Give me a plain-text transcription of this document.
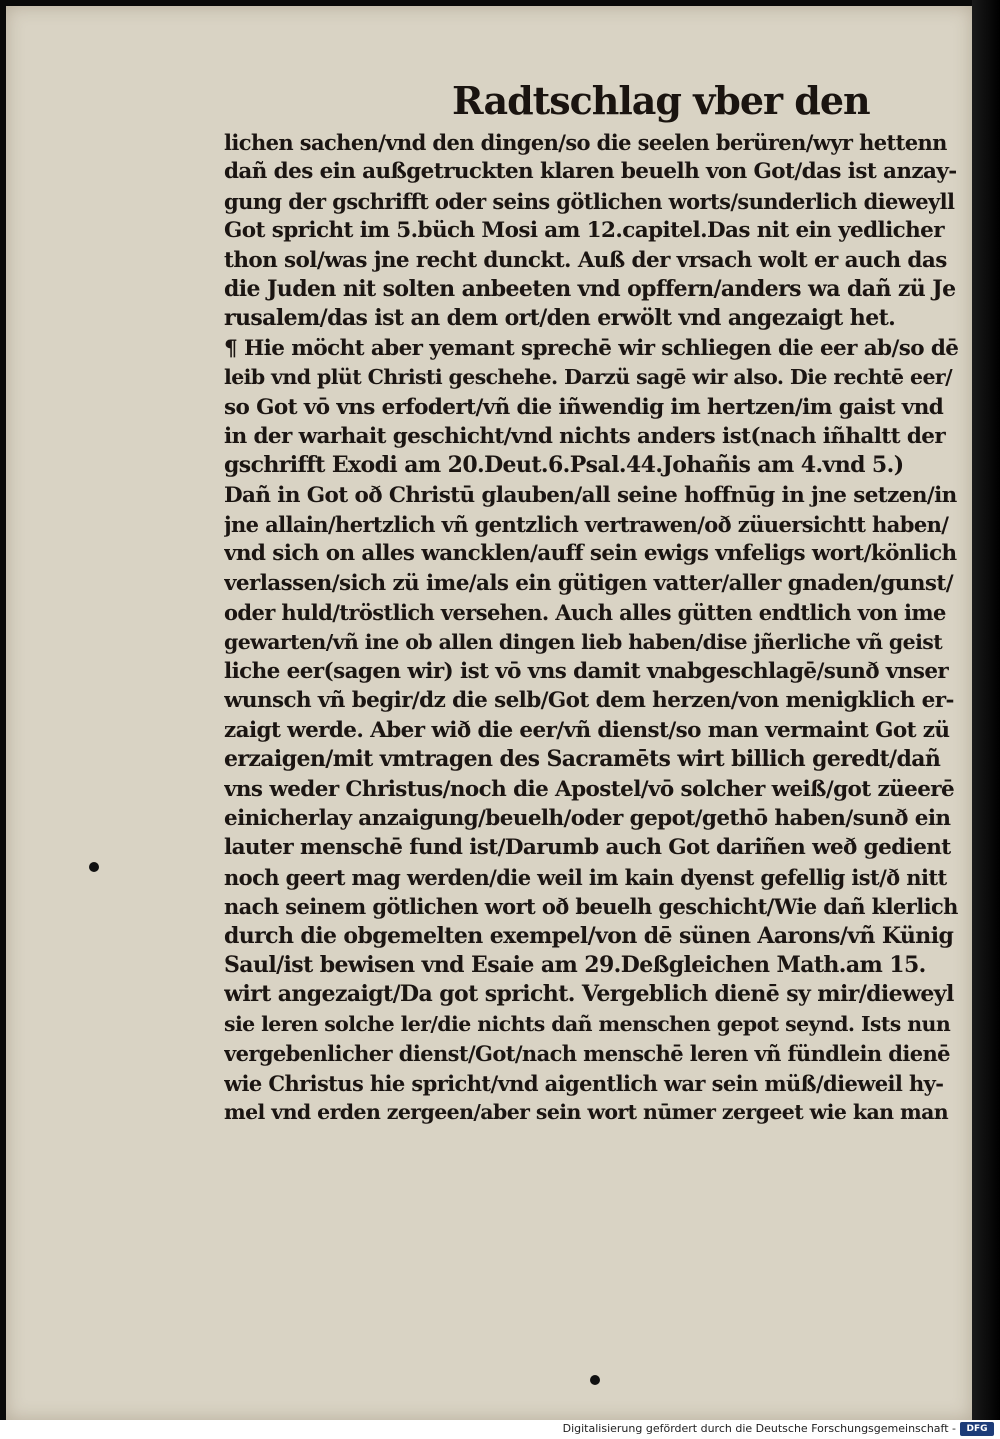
Radtschlag vber den
lichen sachen/vnd den dingen/so die seelen berüren/wyr hettenn
dañ des ein außgetruckten klaren beuelh von Got/das ist anzay-
gung der gschrifft oder seins götlichen worts/sunderlich dieweyll
Got spricht im 5.büch Mosi am 12.capitel.Das nit ein yedlicher
thon sol/was jne recht dunckt. Auß der vrsach wolt er auch das
die Juden nit solten anbeeten vnd opffern/anders wa dañ zü Je
rusalem/das ist an dem ort/den erwölt vnd angezaigt het.
¶ Hie möcht aber yemant sprechē wir schliegen die eer ab/so dē
leib vnd plüt Christi geschehe. Darzü sagē wir also. Die rechtē eer/
so Got vō vns erfodert/vñ die iñwendig im hertzen/im gaist vnd
in der warhait geschicht/vnd nichts anders ist(nach iñhaltt der
gschrifft Exodi am 20.Deut.6.Psal.44.Johañis am 4.vnd 5.)
Dañ in Got oð Christū glauben/all seine hoffnūg in jne setzen/in
jne allain/hertzlich vñ gentzlich vertrawen/oð züuersichtt haben/
vnd sich on alles wancklen/auff sein ewigs vnfeligs wort/könlich
verlassen/sich zü ime/als ein gütigen vatter/aller gnaden/gunst/
oder huld/tröstlich versehen. Auch alles gütten endtlich von ime
gewarten/vñ ine ob allen dingen lieb haben/dise jñerliche vñ geist
liche eer(sagen wir) ist vō vns damit vnabgeschlagē/sunð vnser
wunsch vñ begir/dz die selb/Got dem herzen/von menigklich er-
zaigt werde. Aber wið die eer/vñ dienst/so man vermaint Got zü
erzaigen/mit vmtragen des Sacramēts wirt billich geredt/dañ
vns weder Christus/noch die Apostel/vō solcher weiß/got züeerē
einicherlay anzaigung/beuelh/oder gepot/gethō haben/sunð ein
lauter menschē fund ist/Darumb auch Got dariñen weð gedient
noch geert mag werden/die weil im kain dyenst gefellig ist/ð nitt
nach seinem götlichen wort oð beuelh geschicht/Wie dañ klerlich
durch die obgemelten exempel/von dē sünen Aarons/vñ Künig
Saul/ist bewisen vnd Esaie am 29.Deßgleichen Math.am 15.
wirt angezaigt/Da got spricht. Vergeblich dienē sy mir/dieweyl
sie leren solche ler/die nichts dañ menschen gepot seynd. Ists nun
vergebenlicher dienst/Got/nach menschē leren vñ fündlein dienē
wie Christus hie spricht/vnd aigentlich war sein müß/dieweil hy-
mel vnd erden zergeen/aber sein wort nūmer zergeet wie kan man
Digitalisierung gefördert durch die Deutsche Forschungsgemeinschaft -	DFG
